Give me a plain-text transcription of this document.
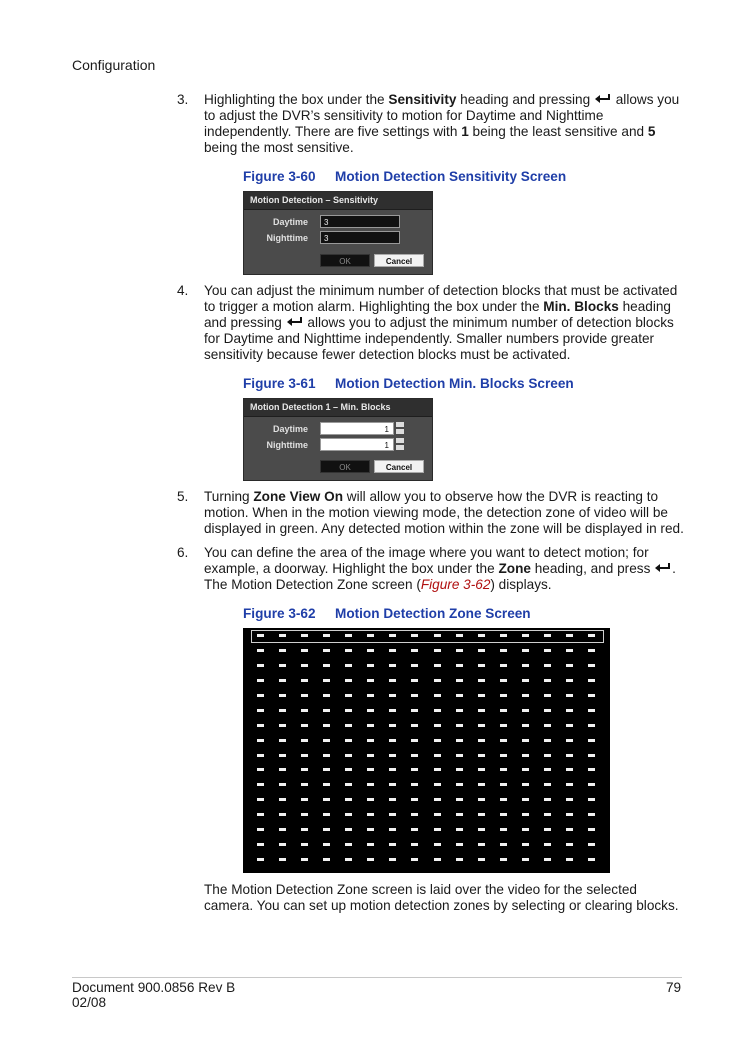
Configuration
3.	Highlighting the box under the Sensitivity heading and pressing  allows you to adjust the DVR’s sensitivity to motion for Daytime and Nighttime independently. There are five settings with 1 being the least sensitive and 5 being the most sensitive.
Figure 3-60 Motion Detection Sensitivity Screen
Motion Detection – Sensitivity
Daytime	3
Nighttime	3
OK	Cancel
4.	You can adjust the minimum number of detection blocks that must be activated to trigger a motion alarm. Highlighting the box under the Min. Blocks heading and pressing  allows you to adjust the minimum number of detection blocks for Daytime and Nighttime independently. Smaller numbers provide greater sensitivity because fewer detection blocks must be activated.
Figure 3-61 Motion Detection Min. Blocks Screen
Motion Detection 1 – Min. Blocks
Daytime	1
Nighttime	1
OK	Cancel
5.	Turning Zone View On will allow you to observe how the DVR is reacting to motion. When in the motion viewing mode, the detection zone of video will be displayed in green. Any detected motion within the zone will be displayed in red.
6.	You can define the area of the image where you want to detect motion; for example, a doorway. Highlight the box under the Zone heading, and press . The Motion Detection Zone screen (Figure 3-62) displays.
Figure 3-62 Motion Detection Zone Screen
The Motion Detection Zone screen is laid over the video for the selected camera. You can set up motion detection zones by selecting or clearing blocks.
Document 900.0856 Rev B
02/08
79
